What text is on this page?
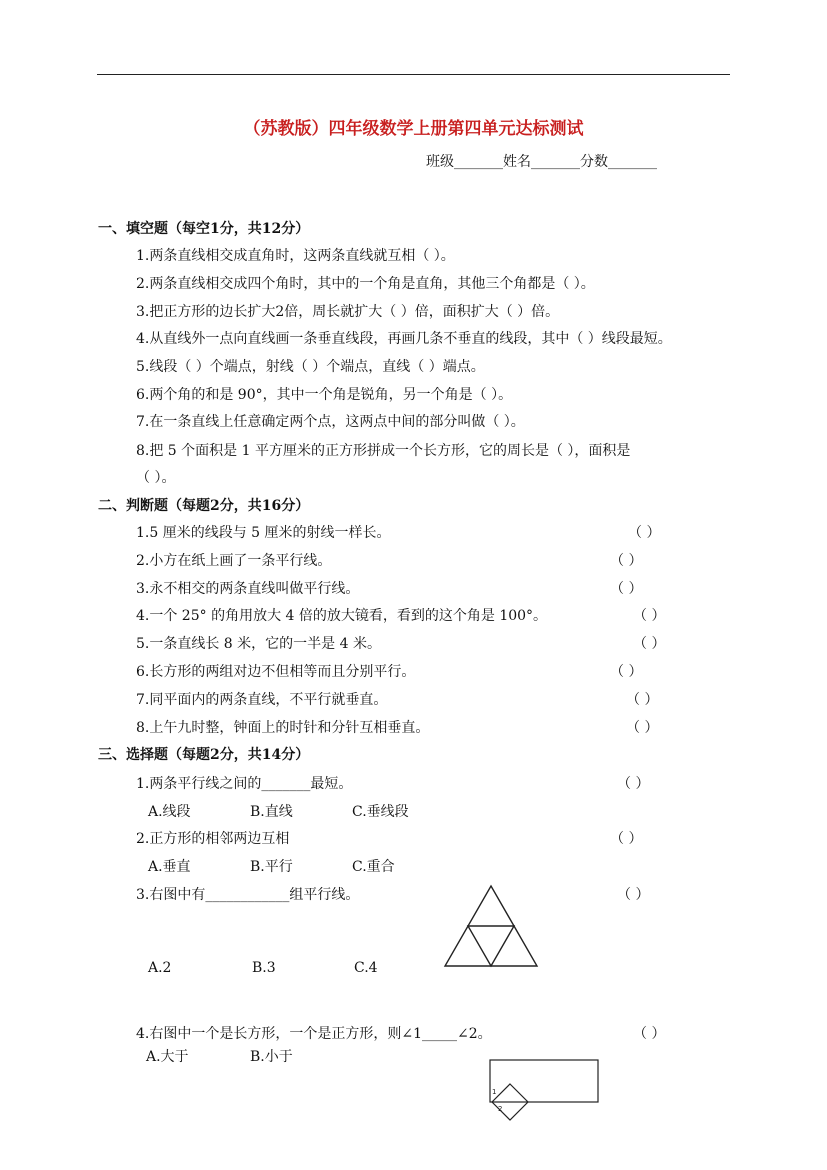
（苏教版）四年级数学上册第四单元达标测试
班级_______姓名_______分数_______
一、填空题（每空1分，共12分）
1.两条直线相交成直角时，这两条直线就互相（ ）。
2.两条直线相交成四个角时，其中的一个角是直角，其他三个角都是（ ）。
3.把正方形的边长扩大2倍，周长就扩大（ ）倍，面积扩大（ ）倍。
4.从直线外一点向直线画一条垂直线段，再画几条不垂直的线段，其中（ ）线段最短。
5.线段（ ）个端点，射线（ ）个端点，直线（ ）端点。
6.两个角的和是 90°，其中一个角是锐角，另一个角是（ ）。
7.在一条直线上任意确定两个点，这两点中间的部分叫做（ ）。
8.把 5 个面积是 1 平方厘米的正方形拼成一个长方形，它的周长是（ ），面积是
（ ）。
二、判断题（每题2分，共16分）
1.5 厘米的线段与 5 厘米的射线一样长。	（ ）
2.小方在纸上画了一条平行线。	（ ）
3.永不相交的两条直线叫做平行线。	（ ）
4.一个 25° 的角用放大 4 倍的放大镜看，看到的这个角是 100°。	（ ）
5.一条直线长 8 米，它的一半是 4 米。	（ ）
6.长方形的两组对边不但相等而且分别平行。	（ ）
7.同平面内的两条直线，不平行就垂直。	（ ）
8.上午九时整，钟面上的时针和分针互相垂直。	（ ）
三、选择题（每题2分，共14分）
1.两条平行线之间的_______最短。	（ ）
A.线段	B.直线	C.垂线段
2.正方形的相邻两边互相	（ ）
A.垂直	B.平行	C.重合
3.右图中有____________组平行线。	（ ）
A.2	B.3	C.4
4.右图中一个是长方形，一个是正方形，则∠1_____∠2。	（ ）
A.大于	B.小于
1
2
